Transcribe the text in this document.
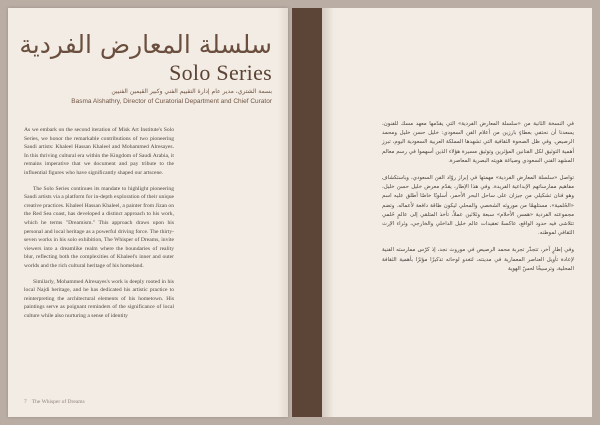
سلسلة المعارض الفردية
Solo Series
بسمة الشتري، مدير عام إدارة التقييم الفني وكبير القيمين الفنيين
Basma Alshathry, Director of Curatorial Department and Chief Curator

As we embark on the second iteration of Misk Art Institute's Solo Series, we honor the remarkable contributions of two pioneering Saudi artists: Khaleel Hassan Khaleel and Mohammed Alresayes. In this thriving cultural era within the Kingdom of Saudi Arabia, it remains imperative that we document and pay tribute to the influential figures who have significantly shaped our artscene.

The Solo Series continues its mandate to highlight pioneering Saudi artists via a platform for in-depth exploration of their unique creative practices. Khaleel Hassan Khaleel, a painter from Jizan on the Red Sea coast, has developed a distinct approach to his work, which he terms "Dreamism." This approach draws upon his personal and local heritage as a powerful driving force. The thirty-seven works in his solo exhibition, The Whisper of Dreams, invite viewers into a dreamlike realm where the boundaries of reality blur, reflecting both the complexities of Khaleel's inner and outer worlds and the rich cultural heritage of his homeland.

Similarly, Mohammed Alresayes's work is deeply rooted in his local Najdi heritage, and he has dedicated his artistic practice to reinterpreting the architectural elements of his hometown. His paintings serve as poignant reminders of the significance of local culture while also nurturing a sense of identity

7 The Whisper of Dreams

في النسخة الثانية من «سلسلة المعارض الفردية» التي يقدّمها معهد مسك للفنون، يسعدنا أن نحتفي بعطاءٍ بارزين من أعلام الفن السعودي: خليل حسن خليل ومحمد الرصيص. وفي ظل الصحوة الثقافية التي تشهدها المملكة العربية السعودية اليوم، تبرز أهمية التوثيق لكل الفنانين المؤثرين وتوثيق مسيرة هؤلاء الذين أسهموا في رسم معالم المشهد الفني السعودي وصياغة هويته البصرية المعاصرة.

تواصل «سلسلة المعارض الفردية» مهمتها في إبراز روّاد الفن السعودي، وباستكشاف مفاهيم ممارساتهم الإبداعية الفريدة. وفي هذا الإطار، يقدّم معرض خليل حسن خليل، وهو فنان تشكيلي من جيزان على ساحل البحر الأحمر، أسلوبًا خاصًا أطلق عليه اسم «الحُلمية»، مستلهمًا من موروثه الشخصي والمحلي ليكون طاقة دافعة لأعماله. وتضم مجموعته الفردية «همس الأحلام» سبعة وثلاثين عملاً، تأخذ المتلقي إلى عالمٍ حُلمي تتلاشى فيه حدود الواقع، عاكسةً تعقيدات عالم خليل الداخلي والخارجي، وثراء الإرث الثقافي لموطنه.

وفي إطارٍ آخر، تتجذّر تجربة محمد الرصيص في موروث نجد، إذ كرّس ممارسته الفنية لإعادة تأويل العناصر المعمارية في مدينته، لتغدو لوحاته تذكيرًا مؤثرًا بأهمية الثقافة المحلية، وترسيخًا لحسّ الهوية
